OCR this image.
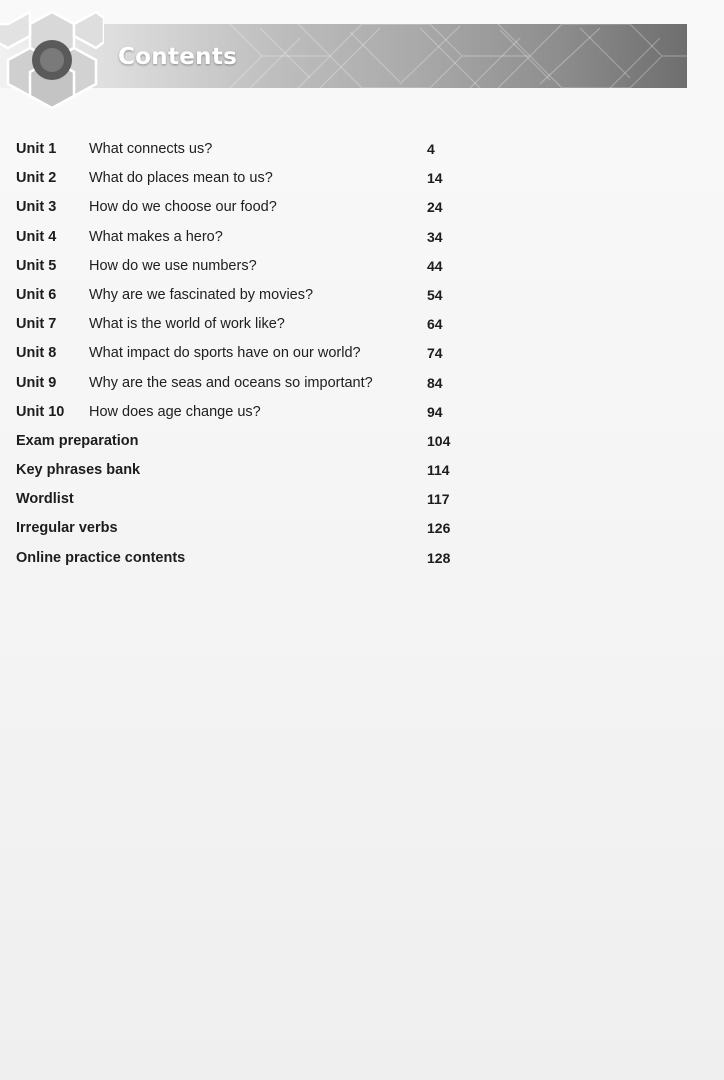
Contents
Unit 1 What connects us?	4
Unit 2 What do places mean to us?	14
Unit 3 How do we choose our food?	24
Unit 4 What makes a hero?	34
Unit 5 How do we use numbers?	44
Unit 6 Why are we fascinated by movies?	54
Unit 7 What is the world of work like?	64
Unit 8 What impact do sports have on our world?	74
Unit 9 Why are the seas and oceans so important?	84
Unit 10 How does age change us?	94
Exam preparation	104
Key phrases bank	114
Wordlist	117
Irregular verbs	126
Online practice contents	128
